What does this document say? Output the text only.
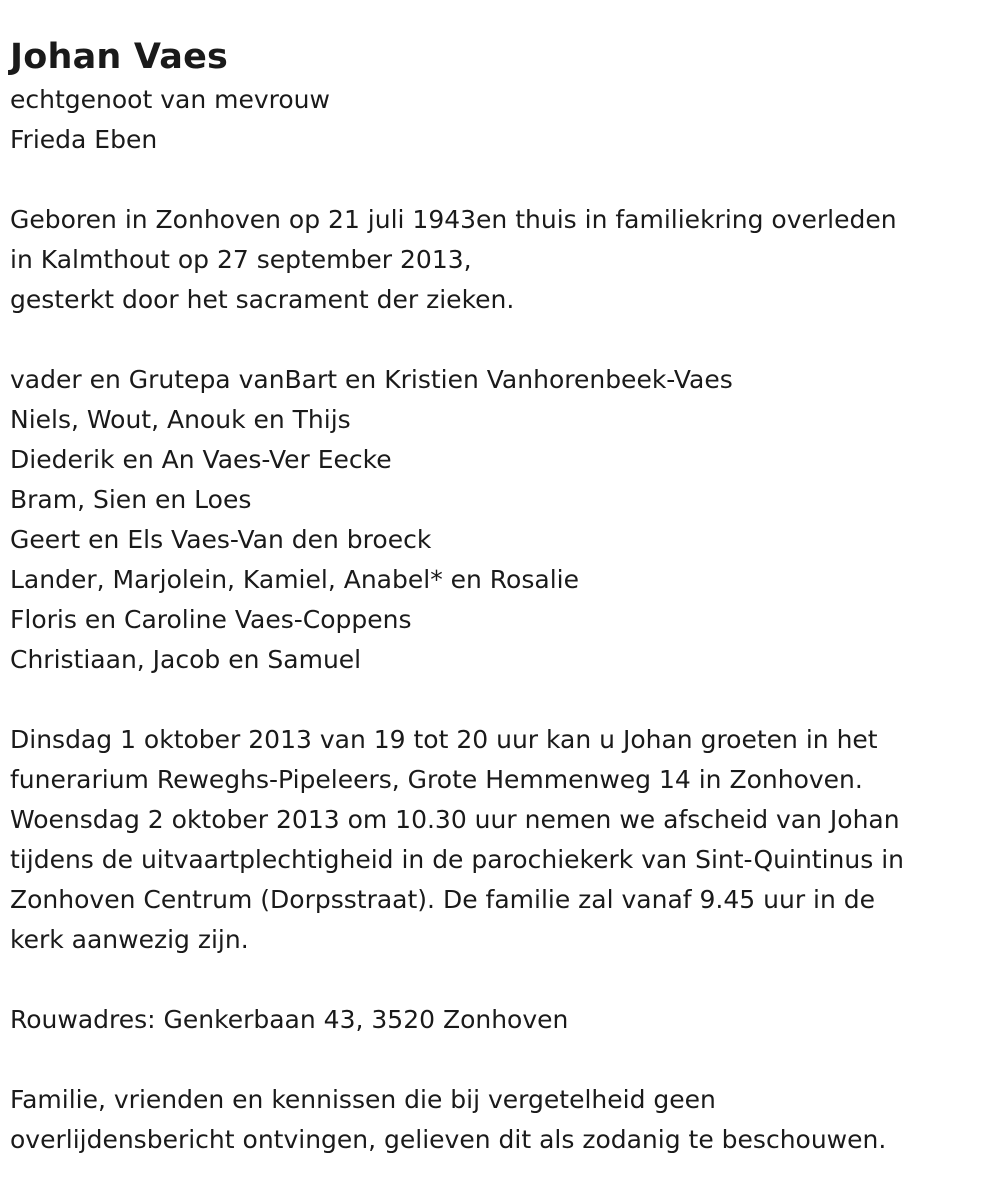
Johan Vaes

echtgenoot van mevrouw

Frieda Eben

Geboren in Zonhoven op 21 juli 1943en thuis in familiekring overleden

in Kalmthout op 27 september 2013,

gesterkt door het sacrament der zieken.

vader en Grutepa vanBart en Kristien Vanhorenbeek-Vaes

Niels, Wout, Anouk en Thijs

Diederik en An Vaes-Ver Eecke

Bram, Sien en Loes

Geert en Els Vaes-Van den broeck

Lander, Marjolein, Kamiel, Anabel* en Rosalie

Floris en Caroline Vaes-Coppens

Christiaan, Jacob en Samuel

Dinsdag 1 oktober 2013 van 19 tot 20 uur kan u Johan groeten in het

funerarium Reweghs-Pipeleers, Grote Hemmenweg 14 in Zonhoven.

Woensdag 2 oktober 2013 om 10.30 uur nemen we afscheid van Johan

tijdens de uitvaartplechtigheid in de parochiekerk van Sint-Quintinus in

Zonhoven Centrum (Dorpsstraat). De familie zal vanaf 9.45 uur in de

kerk aanwezig zijn.

Rouwadres: Genkerbaan 43, 3520 Zonhoven

Familie, vrienden en kennissen die bij vergetelheid geen

overlijdensbericht ontvingen, gelieven dit als zodanig te beschouwen.
